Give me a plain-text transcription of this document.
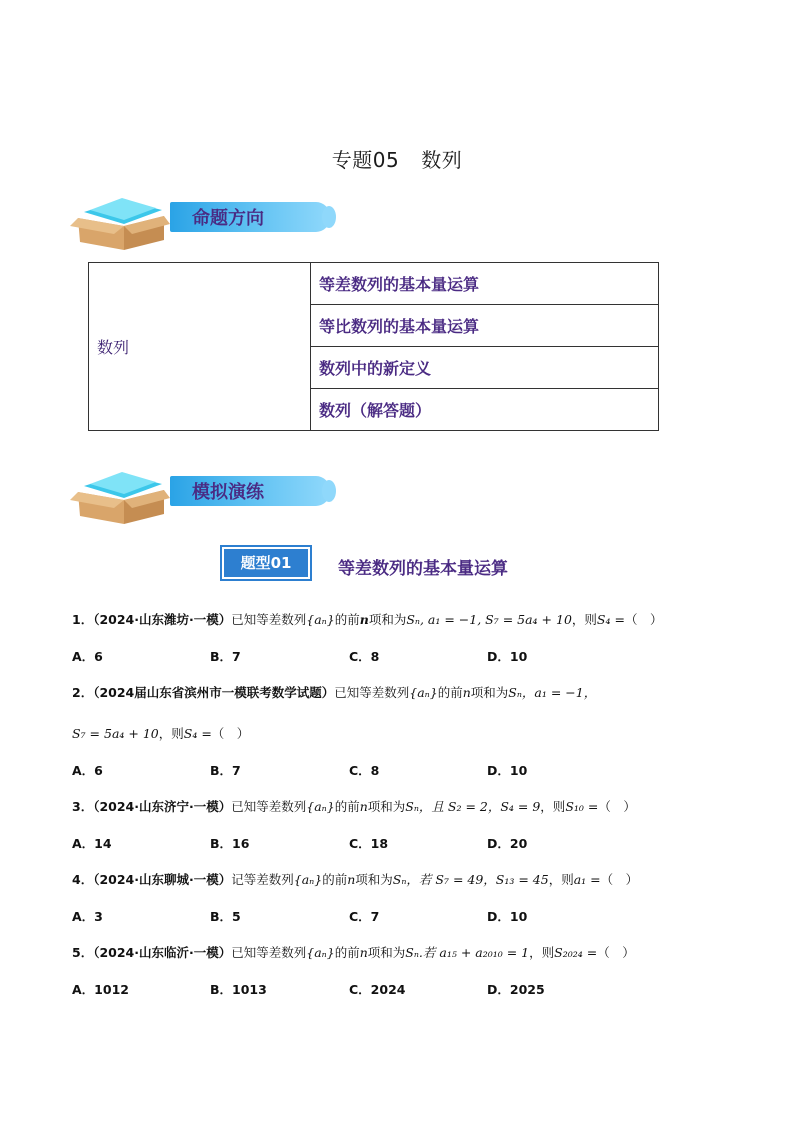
专题05 数列
命题方向
数列	等差数列的基本量运算
等比数列的基本量运算
数列中的新定义
数列（解答题）
模拟演练
题型01	等差数列的基本量运算
1．（2024·山东潍坊·一模）已知等差数列{aₙ}的前n项和为Sₙ, a₁ = −1, S₇ = 5a₄ + 10，则S₄ =（　）
A．6	B．7	C．8	D．10
2．（2024届山东省滨州市一模联考数学试题）已知等差数列{aₙ}的前n项和为Sₙ，a₁ = −1，
S₇ = 5a₄ + 10，则S₄ =（　）
A．6	B．7	C．8	D．10
3．（2024·山东济宁·一模）已知等差数列{aₙ}的前n项和为Sₙ，且 S₂ = 2，S₄ = 9，则S₁₀ =（　）
A．14	B．16	C．18	D．20
4．（2024·山东聊城·一模）记等差数列{aₙ}的前n项和为Sₙ，若 S₇ = 49，S₁₃ = 45，则a₁ =（　）
A．3	B．5	C．7	D．10
5．（2024·山东临沂·一模）已知等差数列{aₙ}的前n项和为Sₙ.若 a₁₅ + a₂₀₁₀ = 1，则S₂₀₂₄ =（　）
A．1012	B．1013	C．2024	D．2025
